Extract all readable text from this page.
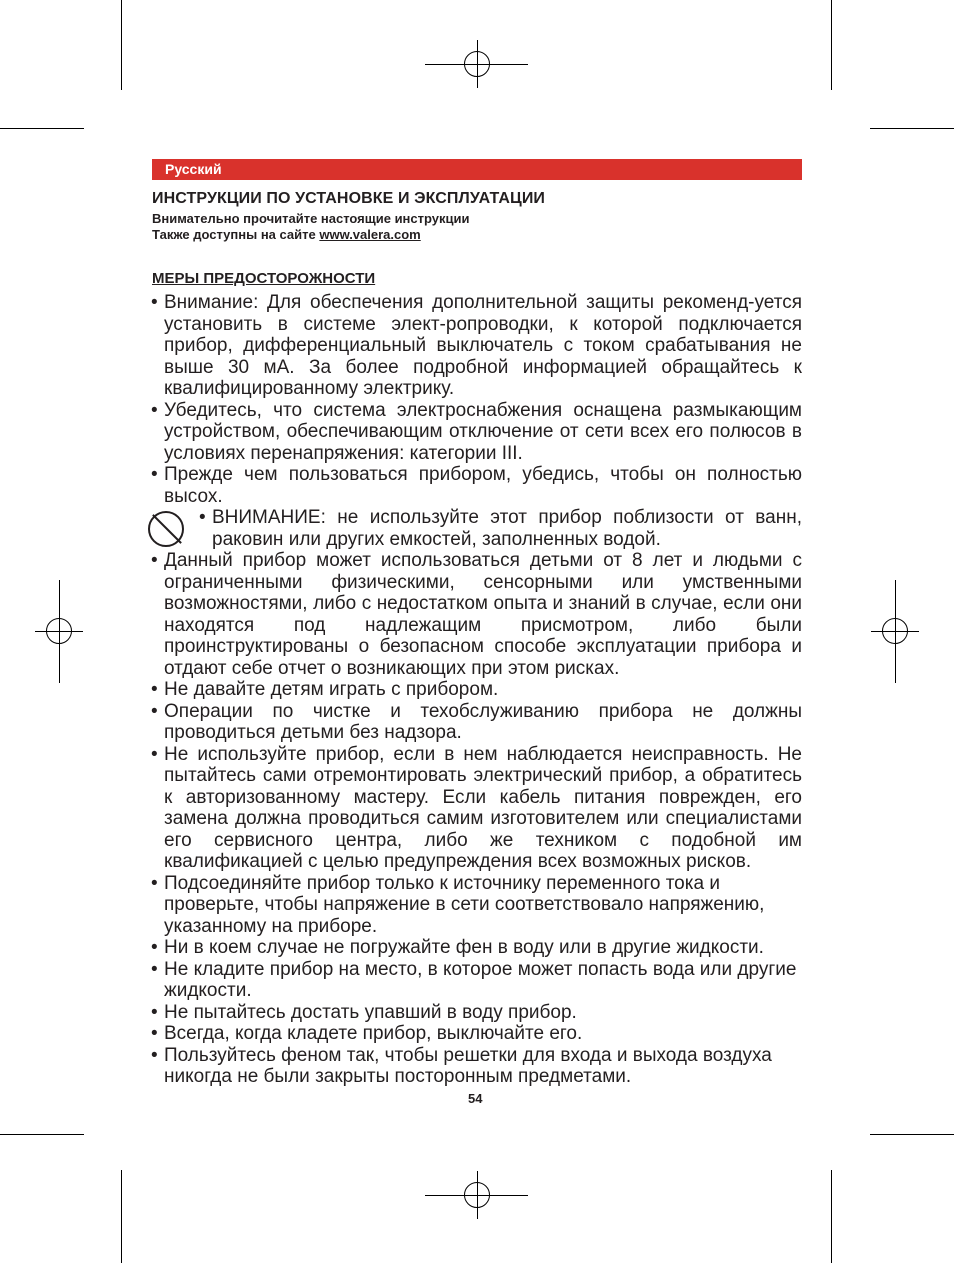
Русский
ИНСТРУКЦИИ ПО УСТАНОВКЕ И ЭКСПЛУАТАЦИИ
Внимательно прочитайте настоящие инструкции
Также доступны на сайте www.valera.com
МЕРЫ ПРЕДОСТОРОЖНОСТИ
• Внимание: Для обеспечения дополнительной защиты рекоменд-уется установить в системе элект-ропроводки, к которой подключается прибор, дифференциальный выключатель с током срабатывания не выше 30 мА. За более подробной информацией обращайтесь к квалифицированному электрику.
• Убедитесь, что система электроснабжения оснащена размыкающим устройством, обеспечивающим отключение от сети всех его полюсов в условиях перенапряжения: категории III.
• Прежде чем пользоваться прибором, убедись, чтобы он полностью высох.
• ВНИМАНИЕ: не используйте этот прибор поблизости от ванн, раковин или других емкостей, заполненных водой.
• Данный прибор может использоваться детьми от 8 лет и людьми с ограниченными физическими, сенсорными или умственными возможностями, либо с недостатком опыта и знаний в случае, если они находятся под надлежащим присмотром, либо были проинструктированы о безопасном способе эксплуатации прибора и отдают себе отчет о возникающих при этом рисках.
• Не давайте детям играть с прибором.
• Операции по чистке и техобслуживанию прибора не должны проводиться детьми без надзора.
• Не используйте прибор, если в нем наблюдается неисправность. Не пытайтесь сами отремонтировать электрический прибор, а обратитесь к авторизованному мастеру. Если кабель питания поврежден, его замена должна проводиться самим изготовителем или специалистами его сервисного центра, либо же техником с подобной им квалификацией с целью предупреждения всех возможных рисков.
• Подсоединяйте прибор только к источнику переменного тока и проверьте, чтобы напряжение в сети соответствовало напряжению, указанному на приборе.
• Ни в коем случае не погружайте фен в воду или в другие жидкости.
• Не кладите прибор на место, в которое может попасть вода или другие жидкости.
• Не пытайтесь достать упавший в воду прибор.
• Всегда, когда кладете прибор, выключайте его.
• Пользуйтесь феном так, чтобы решетки для входа и выхода воздуха никогда не были закрыты посторонным предметами.
54
